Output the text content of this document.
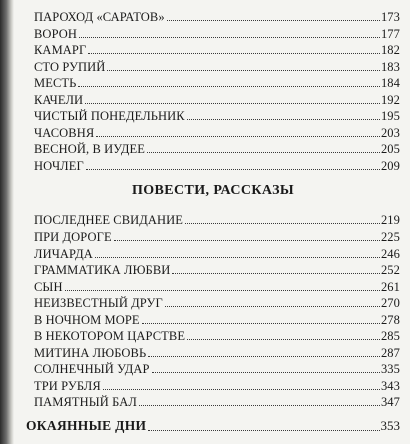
ПАРОХОД «САРАТОВ»	173
ВОРОН	177
КАМАРГ	182
СТО РУПИЙ	183
МЕСТЬ	184
КАЧЕЛИ	192
ЧИСТЫЙ ПОНЕДЕЛЬНИК	195
ЧАСОВНЯ	203
ВЕСНОЙ, В ИУДЕЕ	205
НОЧЛЕГ	209
ПОВЕСТИ, РАССКАЗЫ
ПОСЛЕДНЕЕ СВИДАНИЕ	219
ПРИ ДОРОГЕ	225
ЛИЧАРДА	246
ГРАММАТИКА ЛЮБВИ	252
СЫН	261
НЕИЗВЕСТНЫЙ ДРУГ	270
В НОЧНОМ МОРЕ	278
В НЕКОТОРОМ ЦАРСТВЕ	285
МИТИНА ЛЮБОВЬ	287
СОЛНЕЧНЫЙ УДАР	335
ТРИ РУБЛЯ	343
ПАМЯТНЫЙ БАЛ	347
ОКАЯННЫЕ ДНИ	353
